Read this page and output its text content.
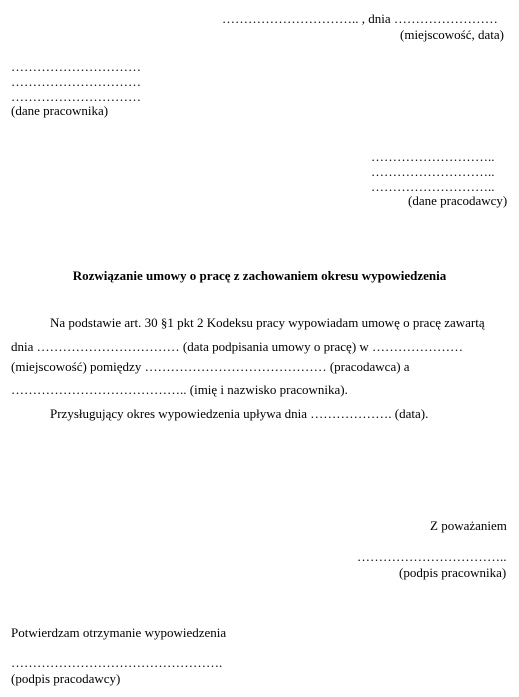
………………………….. , dnia ……………………
(miejscowość, data)
…………………………
…………………………
…………………………
(dane pracownika)
………………………..
………………………..
………………………..
(dane pracodawcy)
Rozwiązanie umowy o pracę z zachowaniem okresu wypowiedzenia
Na podstawie art. 30 §1 pkt 2 Kodeksu pracy wypowiadam umowę o pracę zawartą
dnia …………………………… (data podpisania umowy o pracę) w …………………
(miejscowość) pomiędzy …………………………………… (pracodawca) a
………………………………….. (imię i nazwisko pracownika).
Przysługujący okres wypowiedzenia upływa dnia ………………. (data).
Z poważaniem
……………………………..
(podpis pracownika)
Potwierdzam otrzymanie wypowiedzenia
………………………………………….
(podpis pracodawcy)
